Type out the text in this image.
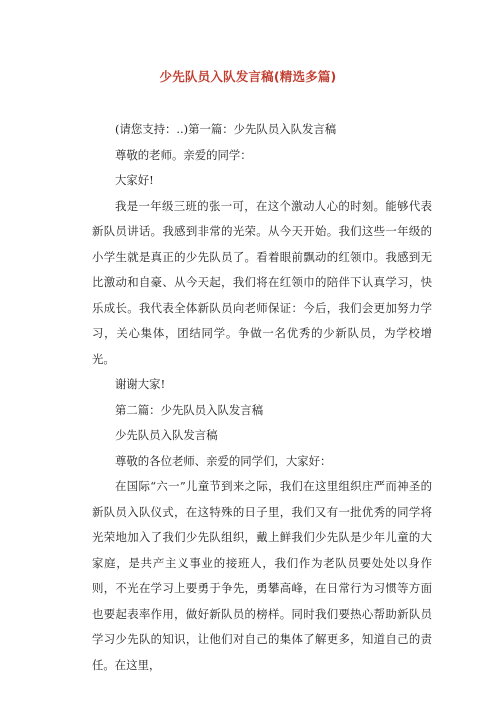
少先队员入队发言稿(精选多篇)

(请您支持：..)第一篇：少先队员入队发言稿

尊敬的老师。亲爱的同学：

大家好!

我是一年级三班的张一可，在这个激动人心的时刻。能够代表新队员讲话。我感到非常的光荣。从今天开始。我们这些一年级的小学生就是真正的少先队员了。看着眼前飘动的红领巾。我感到无比激动和自豪、从今天起，我们将在红领巾的陪伴下认真学习，快乐成长。我代表全体新队员向老师保证：今后，我们会更加努力学习，关心集体，团结同学。争做一名优秀的少新队员，为学校增光。

谢谢大家!

第二篇：少先队员入队发言稿

少先队员入队发言稿

尊敬的各位老师、亲爱的同学们，大家好：

在国际“六一”儿童节到来之际，我们在这里组织庄严而神圣的新队员入队仪式，在这特殊的日子里，我们又有一批优秀的同学将光荣地加入了我们少先队组织，戴上鲜我们少先队是少年儿童的大家庭，是共产主义事业的接班人，我们作为老队员要处处以身作则，不光在学习上要勇于争先，勇攀高峰，在日常行为习惯等方面也要起表率作用，做好新队员的榜样。同时我们要热心帮助新队员学习少先队的知识，让他们对自己的集体了解更多，知道自己的责任。在这里，
